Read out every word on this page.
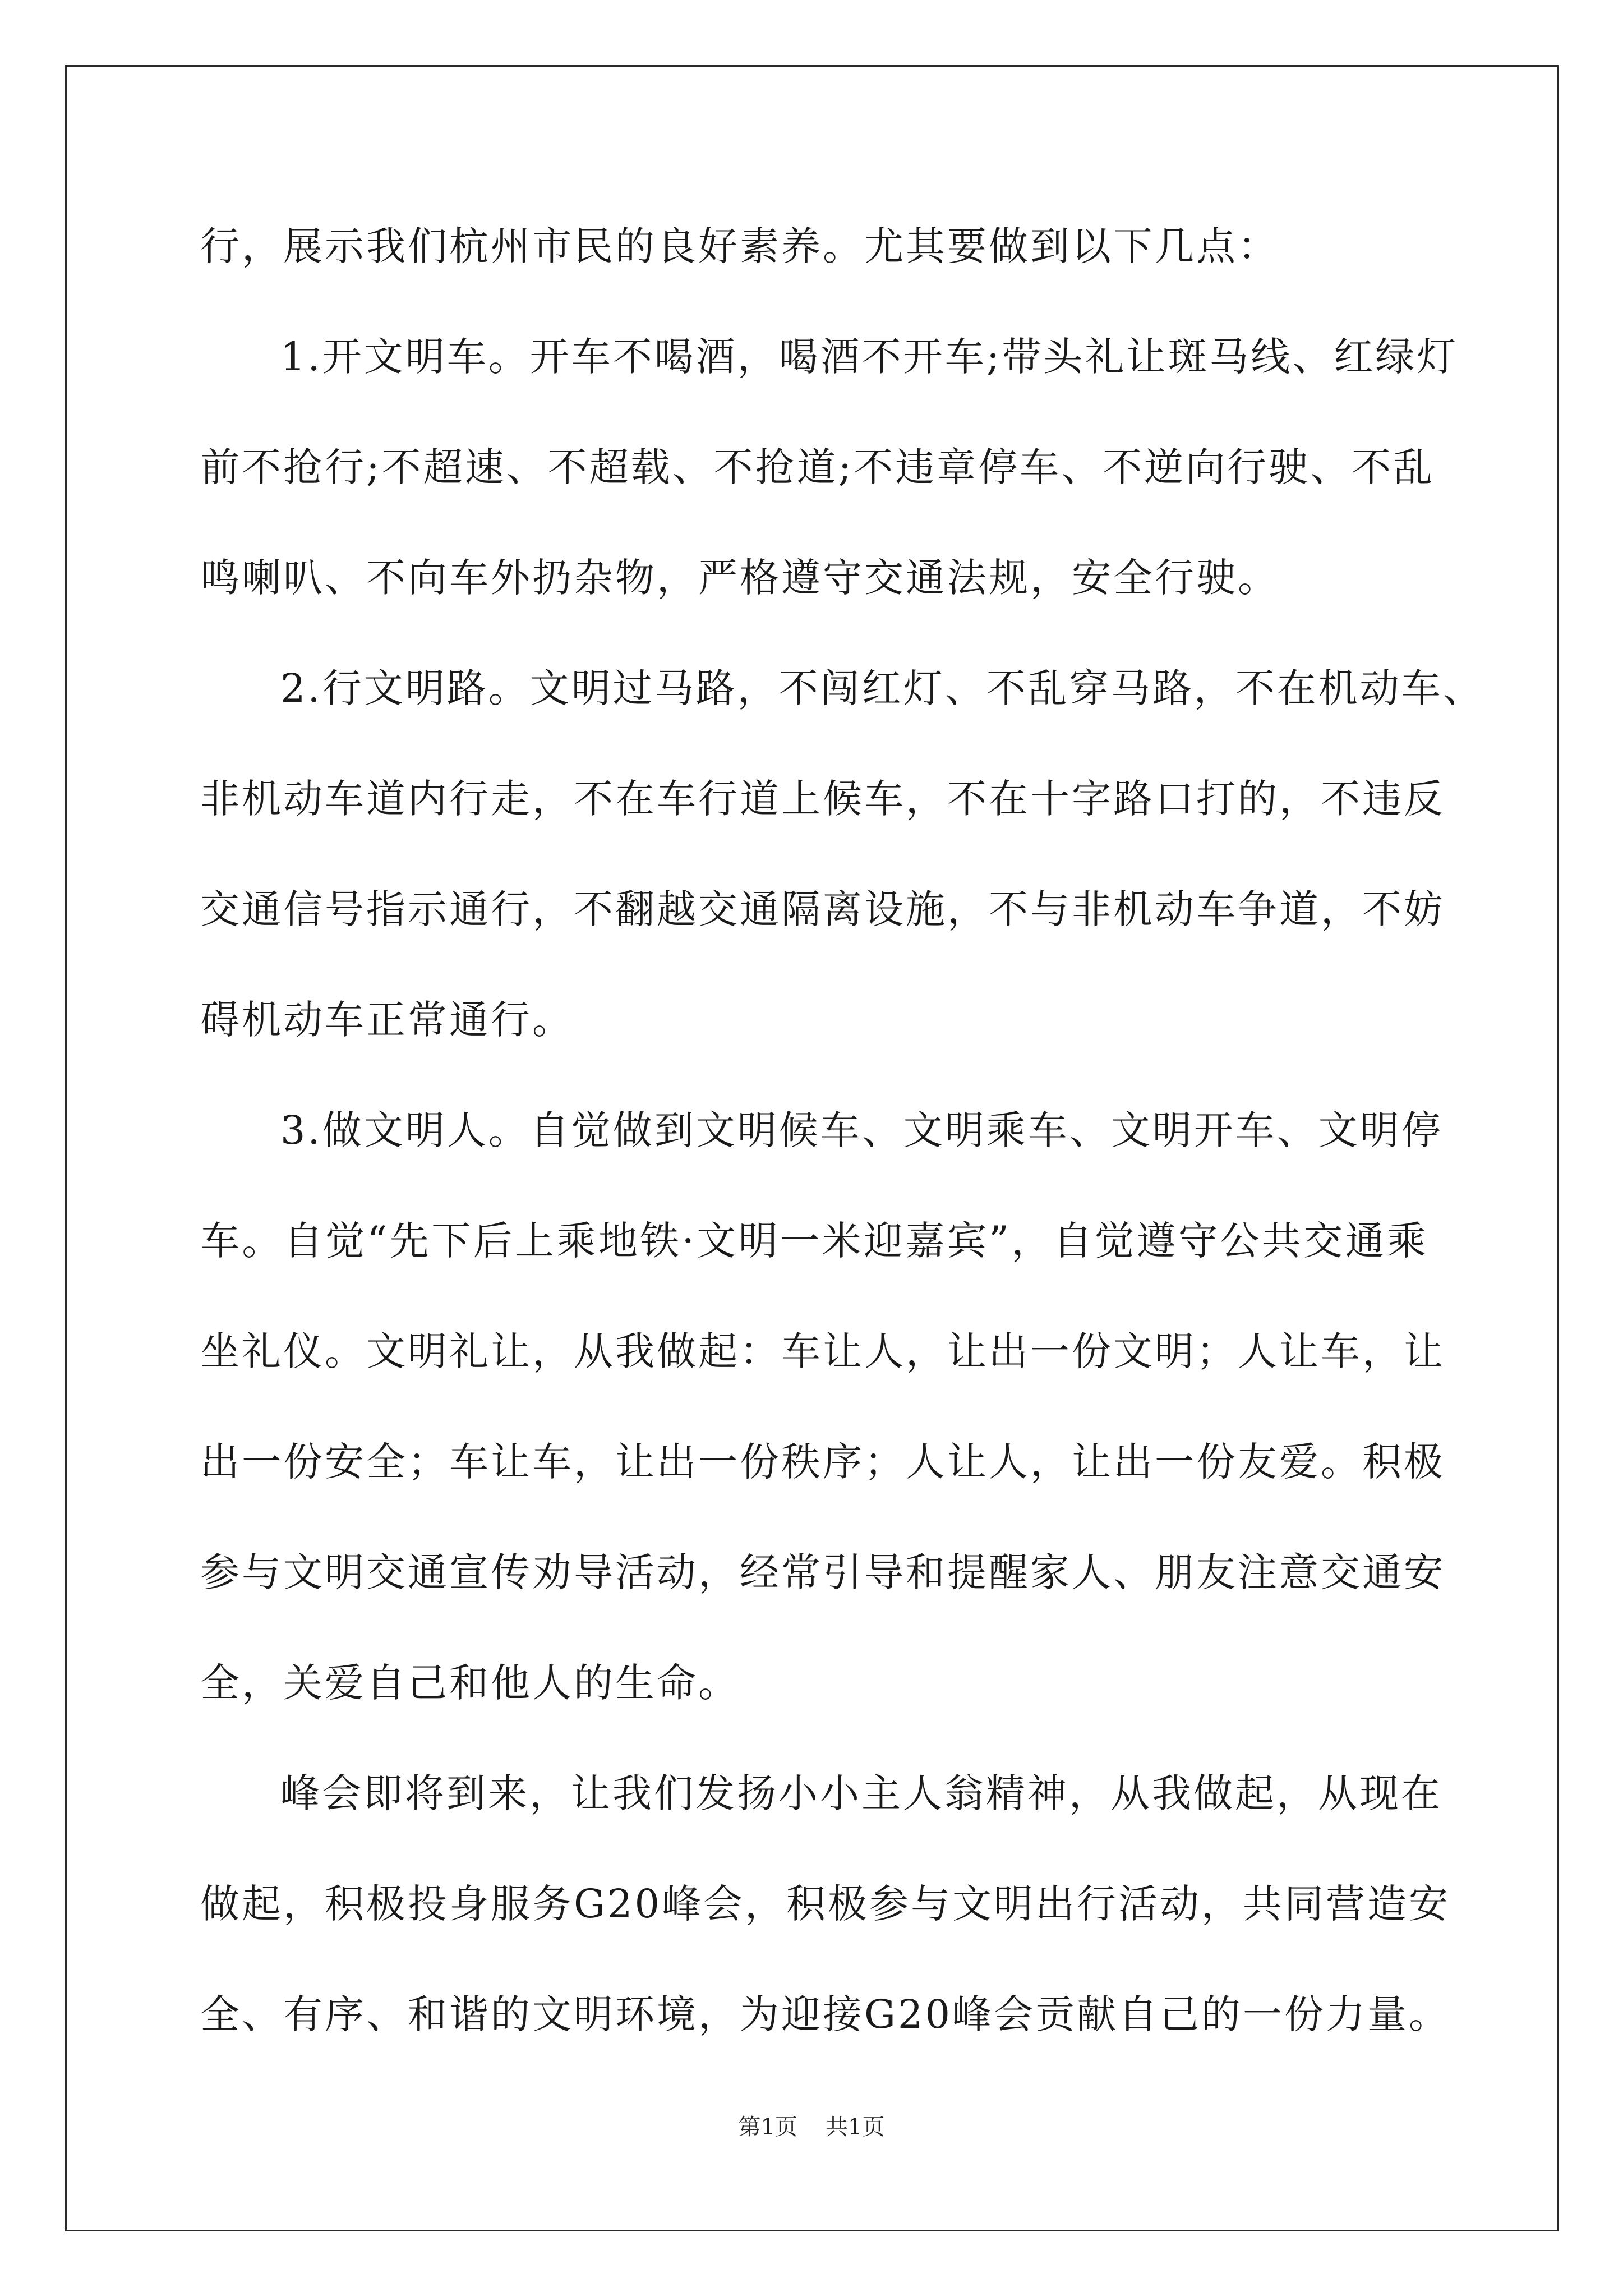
行，展示我们杭州市民的良好素养。尤其要做到以下几点：
1.开文明车。开车不喝酒，喝酒不开车;带头礼让斑马线、红绿灯
前不抢行;不超速、不超载、不抢道;不违章停车、不逆向行驶、不乱
鸣喇叭、不向车外扔杂物，严格遵守交通法规，安全行驶。
2.行文明路。文明过马路，不闯红灯、不乱穿马路，不在机动车、
非机动车道内行走，不在车行道上候车，不在十字路口打的，不违反
交通信号指示通行，不翻越交通隔离设施，不与非机动车争道，不妨
碍机动车正常通行。
3.做文明人。自觉做到文明候车、文明乘车、文明开车、文明停
车。自觉“先下后上乘地铁·文明一米迎嘉宾”，自觉遵守公共交通乘
坐礼仪。文明礼让，从我做起：车让人，让出一份文明；人让车，让
出一份安全；车让车，让出一份秩序；人让人，让出一份友爱。积极
参与文明交通宣传劝导活动，经常引导和提醒家人、朋友注意交通安
全，关爱自己和他人的生命。
峰会即将到来，让我们发扬小小主人翁精神，从我做起，从现在
做起，积极投身服务G20峰会，积极参与文明出行活动，共同营造安
全、有序、和谐的文明环境，为迎接G20峰会贡献自己的一份力量。
第1页 共1页
